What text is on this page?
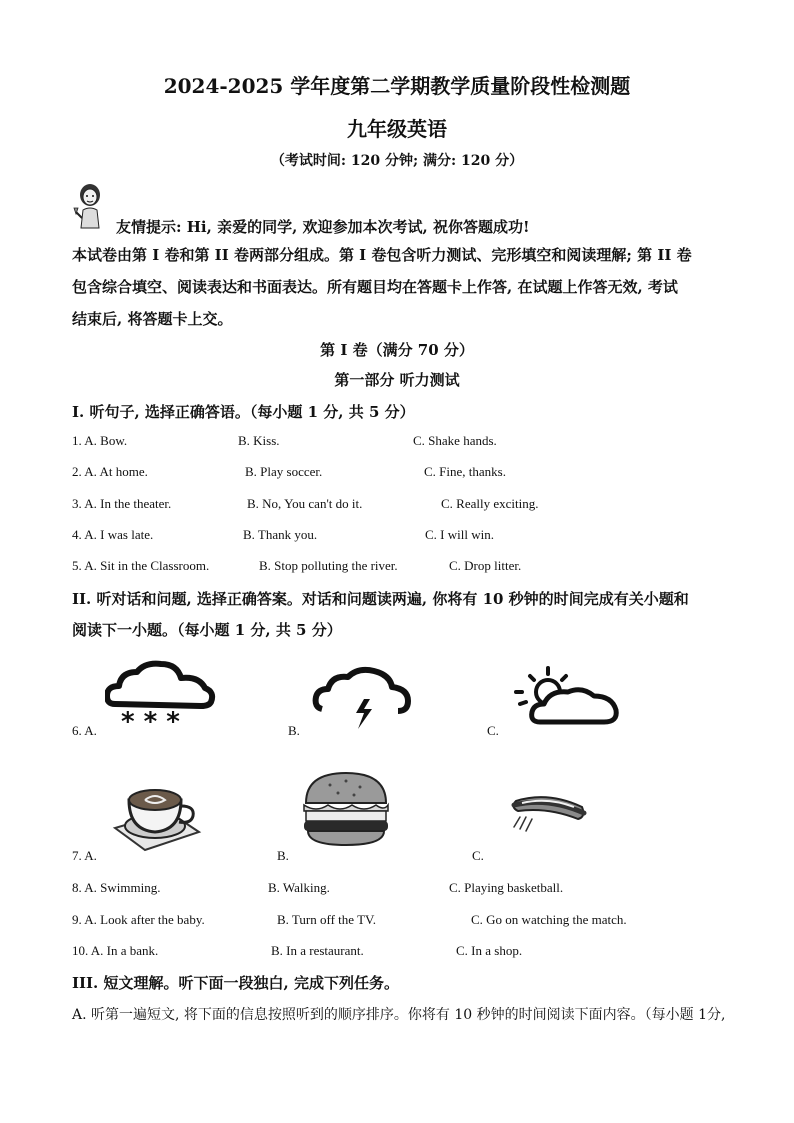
2024-2025 学年度第二学期教学质量阶段性检测题
九年级英语
（考试时间: 120 分钟; 满分: 120 分）
友情提示: Hi, 亲爱的同学, 欢迎参加本次考试, 祝你答题成功!
本试卷由第 I 卷和第 II 卷两部分组成。第 I 卷包含听力测试、完形填空和阅读理解; 第 II 卷
包含综合填空、阅读表达和书面表达。所有题目均在答题卡上作答, 在试题上作答无效, 考试
结束后, 将答题卡上交。
第 I 卷（满分 70 分）
第一部分 听力测试
I. 听句子, 选择正确答语。（每小题 1 分, 共 5 分）
1. A. Bow.	B. Kiss.	C. Shake hands.
2. A. At home.	B. Play soccer.	C. Fine, thanks.
3. A. In the theater.	B. No, You can't do it.	C. Really exciting.
4. A. I was late.	B. Thank you.	C. I will win.
5. A. Sit in the Classroom.	B. Stop polluting the river.	C. Drop litter.
II. 听对话和问题, 选择正确答案。对话和问题读两遍, 你将有 10 秒钟的时间完成有关小题和
阅读下一小题。（每小题 1 分, 共 5 分）
* * *
6. A.	B.	C.
7. A.	B.	C.
8. A. Swimming.	B. Walking.	C. Playing basketball.
9. A. Look after the baby.	B. Turn off the TV.	C. Go on watching the match.
10. A. In a bank.	B. In a restaurant.	C. In a shop.
III. 短文理解。听下面一段独白, 完成下列任务。
A. 听第一遍短文, 将下面的信息按照听到的顺序排序。你将有 10 秒钟的时间阅读下面内容。（每小题 1分,
